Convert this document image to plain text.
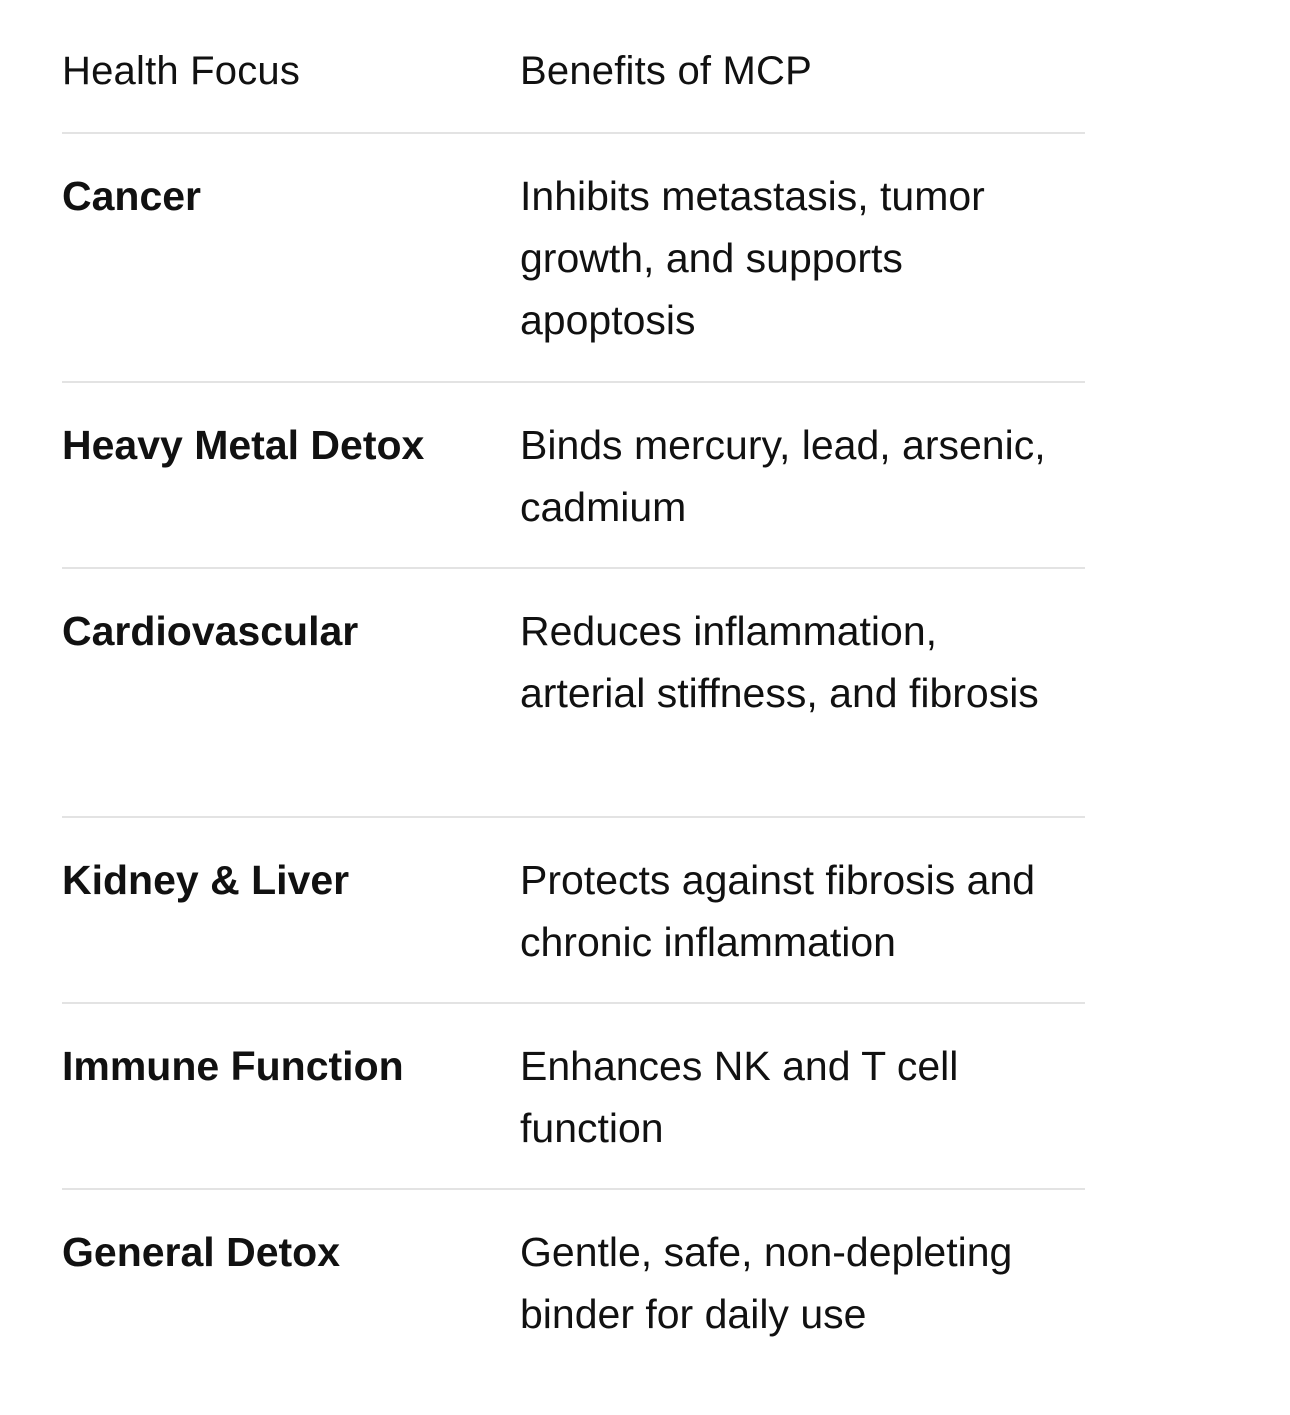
Health Focus	Benefits of MCP
Cancer	Inhibits metastasis, tumor growth, and supports apoptosis
Heavy Metal Detox	Binds mercury, lead, arsenic, cadmium
Cardiovascular	Reduces inflammation, arterial stiffness, and fibrosis
Kidney & Liver	Protects against fibrosis and chronic inflammation
Immune Function	Enhances NK and T cell function
General Detox	Gentle, safe, non-depleting binder for daily use
